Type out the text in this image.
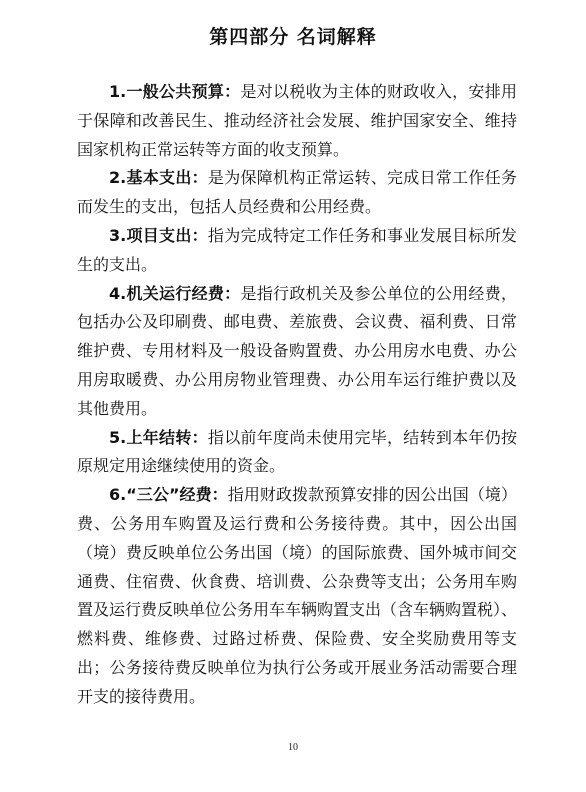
第四部分 名词解释

1.一般公共预算：是对以税收为主体的财政收入，安排用于保障和改善民生、推动经济社会发展、维护国家安全、维持国家机构正常运转等方面的收支预算。

2.基本支出：是为保障机构正常运转、完成日常工作任务而发生的支出，包括人员经费和公用经费。

3.项目支出：指为完成特定工作任务和事业发展目标所发生的支出。

4.机关运行经费：是指行政机关及参公单位的公用经费，包括办公及印刷费、邮电费、差旅费、会议费、福利费、日常维护费、专用材料及一般设备购置费、办公用房水电费、办公用房取暖费、办公用房物业管理费、办公用车运行维护费以及其他费用。

5.上年结转：指以前年度尚未使用完毕，结转到本年仍按原规定用途继续使用的资金。

6.“三公”经费：指用财政拨款预算安排的因公出国（境）费、公务用车购置及运行费和公务接待费。其中，因公出国（境）费反映单位公务出国（境）的国际旅费、国外城市间交通费、住宿费、伙食费、培训费、公杂费等支出；公务用车购置及运行费反映单位公务用车车辆购置支出（含车辆购置税）、燃料费、维修费、过路过桥费、保险费、安全奖励费用等支出；公务接待费反映单位为执行公务或开展业务活动需要合理开支的接待费用。

10
